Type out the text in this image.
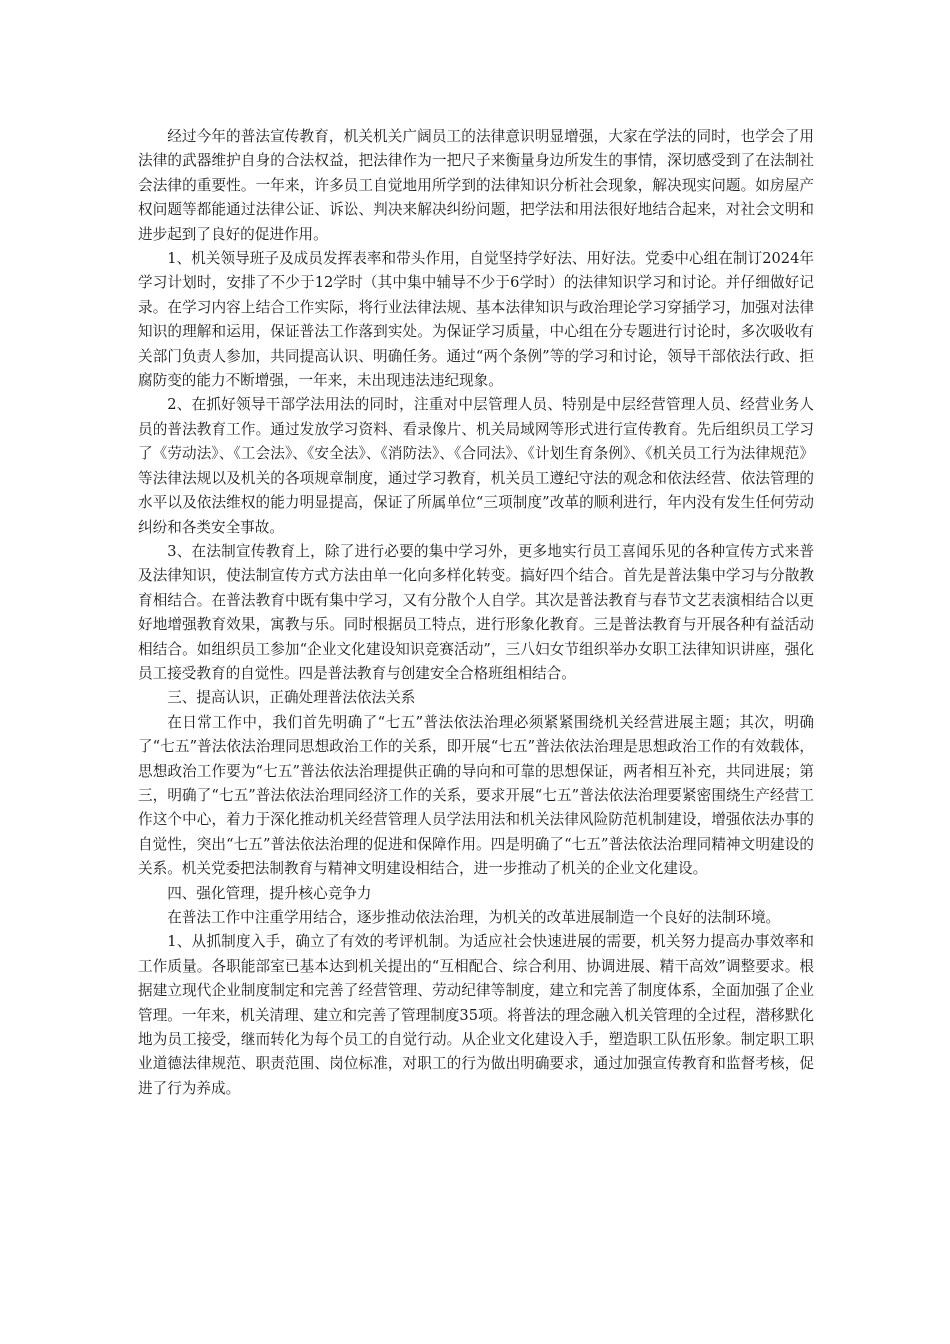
经过今年的普法宣传教育，机关机关广阔员工的法律意识明显增强，大家在学法的同时，也学会了用法律的武器维护自身的合法权益，把法律作为一把尺子来衡量身边所发生的事情，深切感受到了在法制社会法律的重要性。一年来，许多员工自觉地用所学到的法律知识分析社会现象，解决现实问题。如房屋产权问题等都能通过法律公证、诉讼、判决来解决纠纷问题，把学法和用法很好地结合起来，对社会文明和进步起到了良好的促进作用。

1、机关领导班子及成员发挥表率和带头作用，自觉坚持学好法、用好法。党委中心组在制订2024年学习计划时，安排了不少于12学时（其中集中辅导不少于6学时）的法律知识学习和讨论。并仔细做好记录。在学习内容上结合工作实际，将行业法律法规、基本法律知识与政治理论学习穿插学习，加强对法律知识的理解和运用，保证普法工作落到实处。为保证学习质量，中心组在分专题进行讨论时，多次吸收有关部门负责人参加，共同提高认识、明确任务。通过“两个条例”等的学习和讨论，领导干部依法行政、拒腐防变的能力不断增强，一年来，未出现违法违纪现象。

2、在抓好领导干部学法用法的同时，注重对中层管理人员、特别是中层经营管理人员、经营业务人员的普法教育工作。通过发放学习资料、看录像片、机关局域网等形式进行宣传教育。先后组织员工学习了《劳动法》、《工会法》、《安全法》、《消防法》、《合同法》、《计划生育条例》、《机关员工行为法律规范》等法律法规以及机关的各项规章制度，通过学习教育，机关员工遵纪守法的观念和依法经营、依法管理的水平以及依法维权的能力明显提高，保证了所属单位“三项制度”改革的顺利进行，年内没有发生任何劳动纠纷和各类安全事故。

3、在法制宣传教育上，除了进行必要的集中学习外，更多地实行员工喜闻乐见的各种宣传方式来普及法律知识，使法制宣传方式方法由单一化向多样化转变。搞好四个结合。首先是普法集中学习与分散教育相结合。在普法教育中既有集中学习，又有分散个人自学。其次是普法教育与春节文艺表演相结合以更好地增强教育效果，寓教与乐。同时根据员工特点，进行形象化教育。三是普法教育与开展各种有益活动相结合。如组织员工参加“企业文化建设知识竞赛活动”，三八妇女节组织举办女职工法律知识讲座，强化员工接受教育的自觉性。四是普法教育与创建安全合格班组相结合。

三、提高认识，正确处理普法依法关系

在日常工作中，我们首先明确了“七五”普法依法治理必须紧紧围绕机关经营进展主题；其次，明确了“七五”普法依法治理同思想政治工作的关系，即开展“七五”普法依法治理是思想政治工作的有效载体，思想政治工作要为“七五”普法依法治理提供正确的导向和可靠的思想保证，两者相互补充，共同进展；第三，明确了“七五”普法依法治理同经济工作的关系，要求开展“七五”普法依法治理要紧密围绕生产经营工作这个中心，着力于深化推动机关经营管理人员学法用法和机关法律风险防范机制建设，增强依法办事的自觉性，突出“七五”普法依法治理的促进和保障作用。四是明确了“七五”普法依法治理同精神文明建设的关系。机关党委把法制教育与精神文明建设相结合，进一步推动了机关的企业文化建设。

四、强化管理，提升核心竞争力

在普法工作中注重学用结合，逐步推动依法治理，为机关的改革进展制造一个良好的法制环境。

1、从抓制度入手，确立了有效的考评机制。为适应社会快速进展的需要，机关努力提高办事效率和工作质量。各职能部室已基本达到机关提出的“互相配合、综合利用、协调进展、精干高效”调整要求。根据建立现代企业制度制定和完善了经营管理、劳动纪律等制度，建立和完善了制度体系，全面加强了企业管理。一年来，机关清理、建立和完善了管理制度35项。将普法的理念融入机关管理的全过程，潜移默化地为员工接受，继而转化为每个员工的自觉行动。从企业文化建设入手，塑造职工队伍形象。制定职工职业道德法律规范、职责范围、岗位标准，对职工的行为做出明确要求，通过加强宣传教育和监督考核，促进了行为养成。
